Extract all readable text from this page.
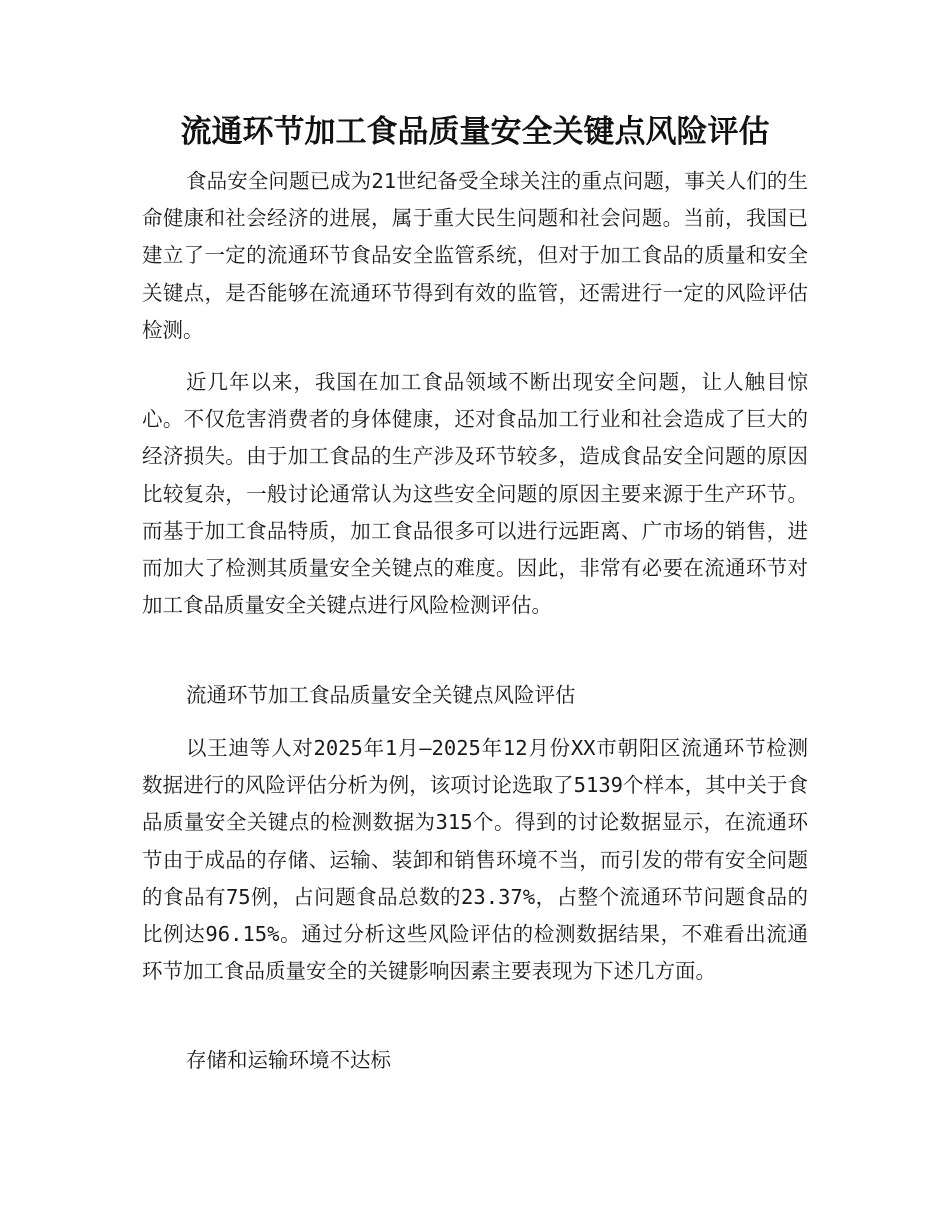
流通环节加工食品质量安全关键点风险评估

食品安全问题已成为21世纪备受全球关注的重点问题，事关人们的生命健康和社会经济的进展，属于重大民生问题和社会问题。当前，我国已建立了一定的流通环节食品安全监管系统，但对于加工食品的质量和安全关键点，是否能够在流通环节得到有效的监管，还需进行一定的风险评估检测。

近几年以来，我国在加工食品领域不断出现安全问题，让人触目惊心。不仅危害消费者的身体健康，还对食品加工行业和社会造成了巨大的经济损失。由于加工食品的生产涉及环节较多，造成食品安全问题的原因比较复杂，一般讨论通常认为这些安全问题的原因主要来源于生产环节。而基于加工食品特质，加工食品很多可以进行远距离、广市场的销售，进而加大了检测其质量安全关键点的难度。因此，非常有必要在流通环节对加工食品质量安全关键点进行风险检测评估。

流通环节加工食品质量安全关键点风险评估

以王迪等人对2025年1月—2025年12月份XX市朝阳区流通环节检测数据进行的风险评估分析为例，该项讨论选取了5139个样本，其中关于食品质量安全关键点的检测数据为315个。得到的讨论数据显示，在流通环节由于成品的存储、运输、装卸和销售环境不当，而引发的带有安全问题的食品有75例，占问题食品总数的23.37%，占整个流通环节问题食品的比例达96.15%。通过分析这些风险评估的检测数据结果，不难看出流通环节加工食品质量安全的关键影响因素主要表现为下述几方面。

存储和运输环境不达标
